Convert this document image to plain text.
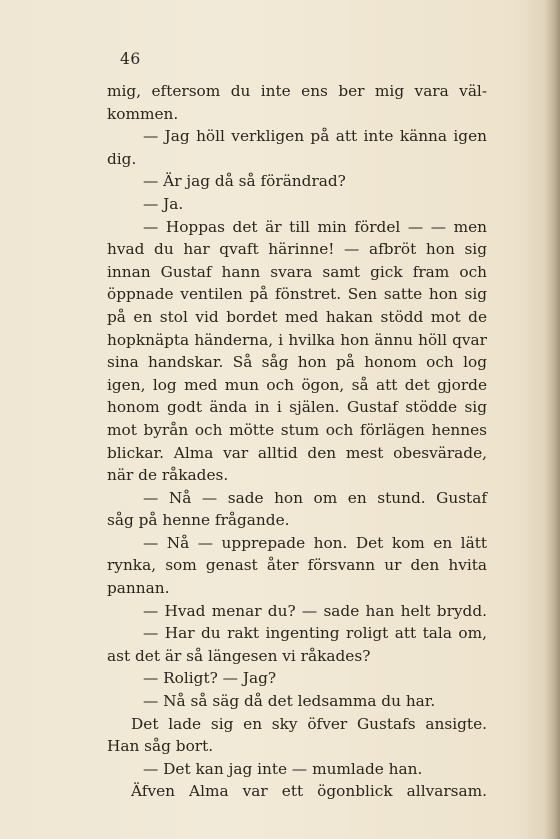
46
mig, eftersom du inte ens ber mig vara väl-
kommen.
— Jag höll verkligen på att inte känna igen
dig.
— Är jag då så förändrad?
— Ja.
— Hoppas det är till min fördel — — men
hvad du har qvaft härinne! — afbröt hon sig
innan Gustaf hann svara samt gick fram och
öppnade ventilen på fönstret. Sen satte hon sig
på en stol vid bordet med hakan stödd mot de
hopknäpta händerna, i hvilka hon ännu höll qvar
sina handskar. Så såg hon på honom och log
igen, log med mun och ögon, så att det gjorde
honom godt ända in i själen. Gustaf stödde sig
mot byrån och mötte stum och förlägen hennes
blickar. Alma var alltid den mest obesvärade,
när de råkades.
— Nå — sade hon om en stund. Gustaf
såg på henne frågande.
— Nå — upprepade hon. Det kom en lätt
rynka, som genast åter försvann ur den hvita
pannan.
— Hvad menar du? — sade han helt brydd.
— Har du rakt ingenting roligt att tala om,
ast det är så längesen vi råkades?
— Roligt? — Jag?
— Nå så säg då det ledsamma du har.
Det lade sig en sky öfver Gustafs ansigte.
Han såg bort.
— Det kan jag inte — mumlade han.
Äfven Alma var ett ögonblick allvarsam.
